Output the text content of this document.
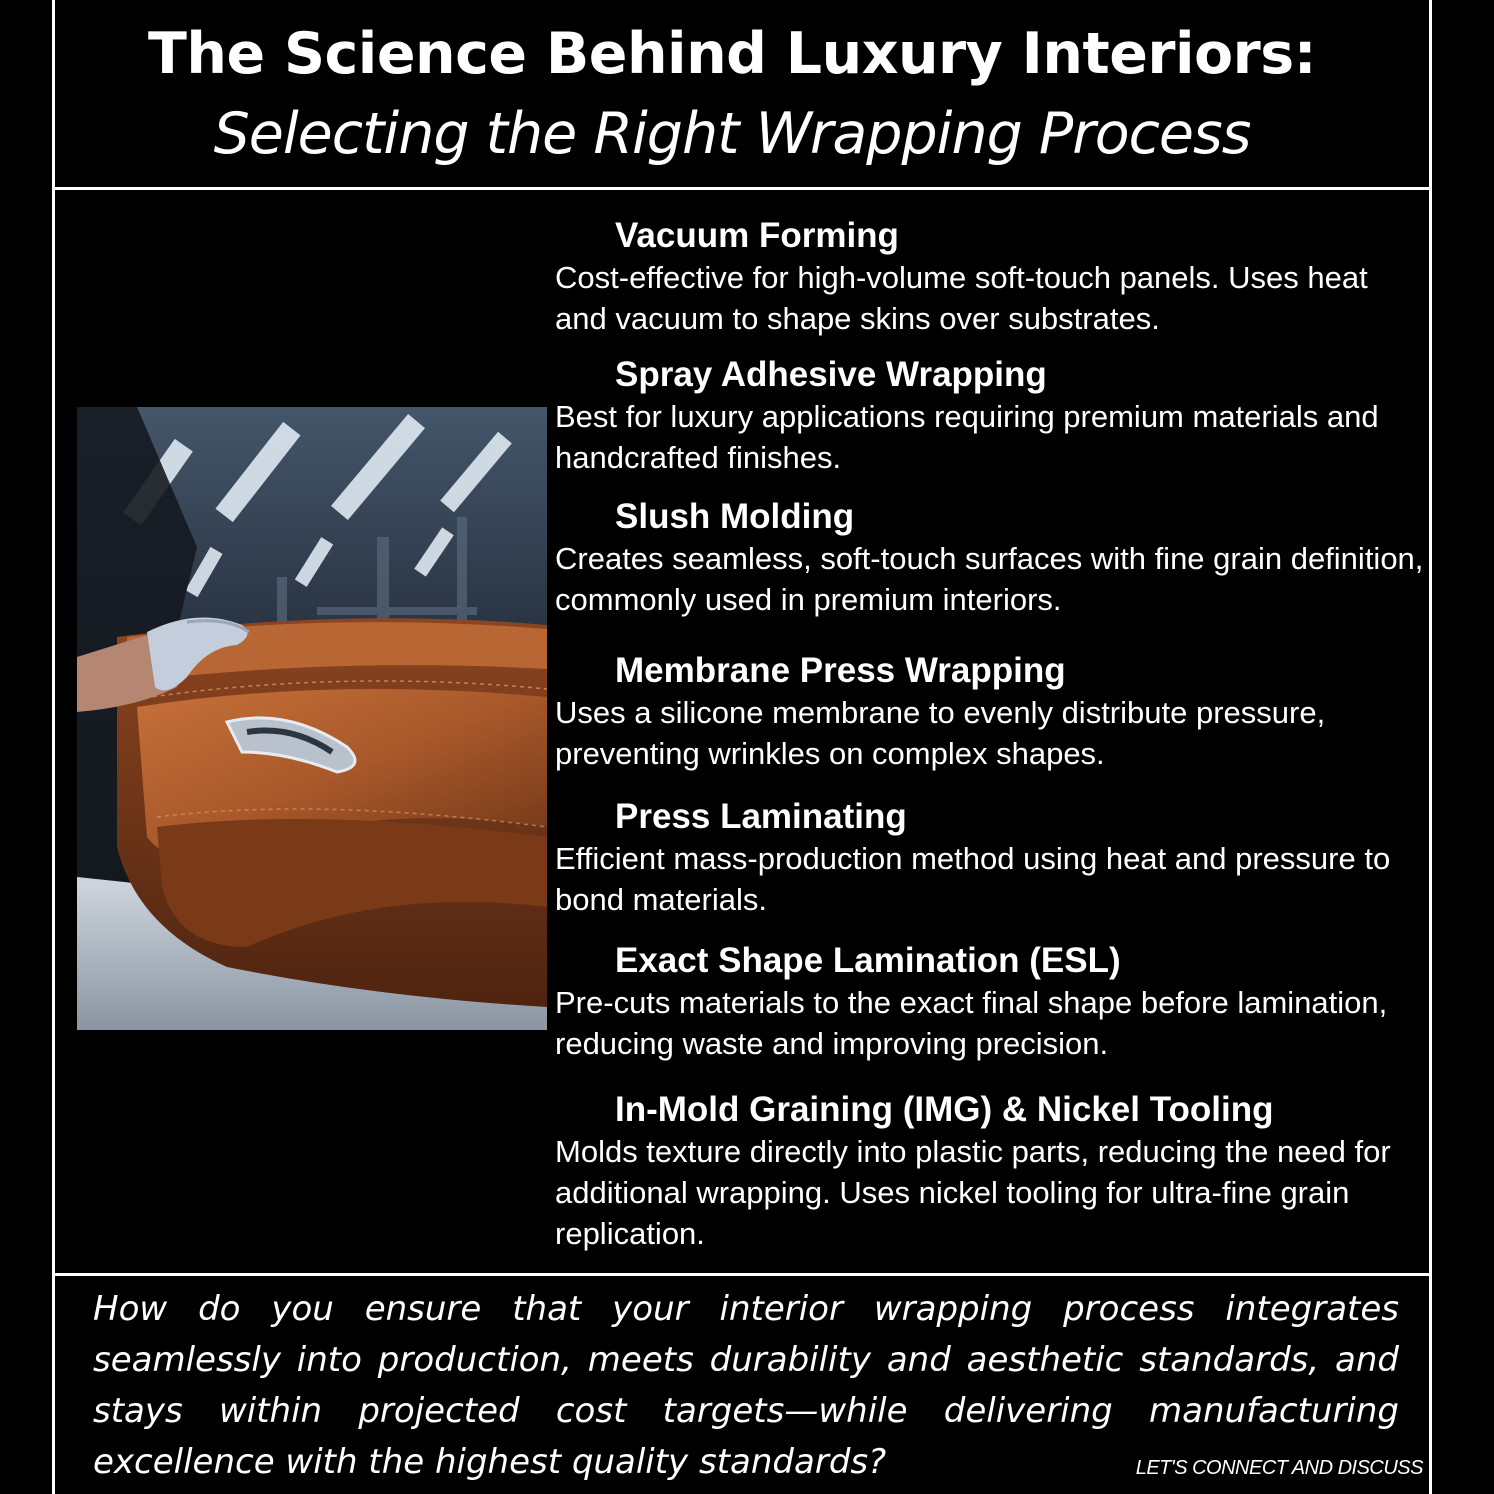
The Science Behind Luxury Interiors:
Selecting the Right Wrapping Process
Vacuum Forming
Cost-effective for high-volume soft-touch panels. Uses heat and vacuum to shape skins over substrates.
Spray Adhesive Wrapping
Best for luxury applications requiring premium materials and handcrafted finishes.
Slush Molding
Creates seamless, soft-touch surfaces with fine grain definition, commonly used in premium interiors.
Membrane Press Wrapping
Uses a silicone membrane to evenly distribute pressure, preventing wrinkles on complex shapes.
Press Laminating
Efficient mass-production method using heat and pressure to bond materials.
Exact Shape Lamination (ESL)
Pre-cuts materials to the exact final shape before lamination, reducing waste and improving precision.
In-Mold Graining (IMG) & Nickel Tooling
Molds texture directly into plastic parts, reducing the need for additional wrapping. Uses nickel tooling for ultra-fine grain replication.
How do you ensure that your interior wrapping process integrates seamlessly into production, meets durability and aesthetic standards, and stays within projected cost targets—while delivering manufacturing excellence with the highest quality standards?	LET'S CONNECT AND DISCUSS
